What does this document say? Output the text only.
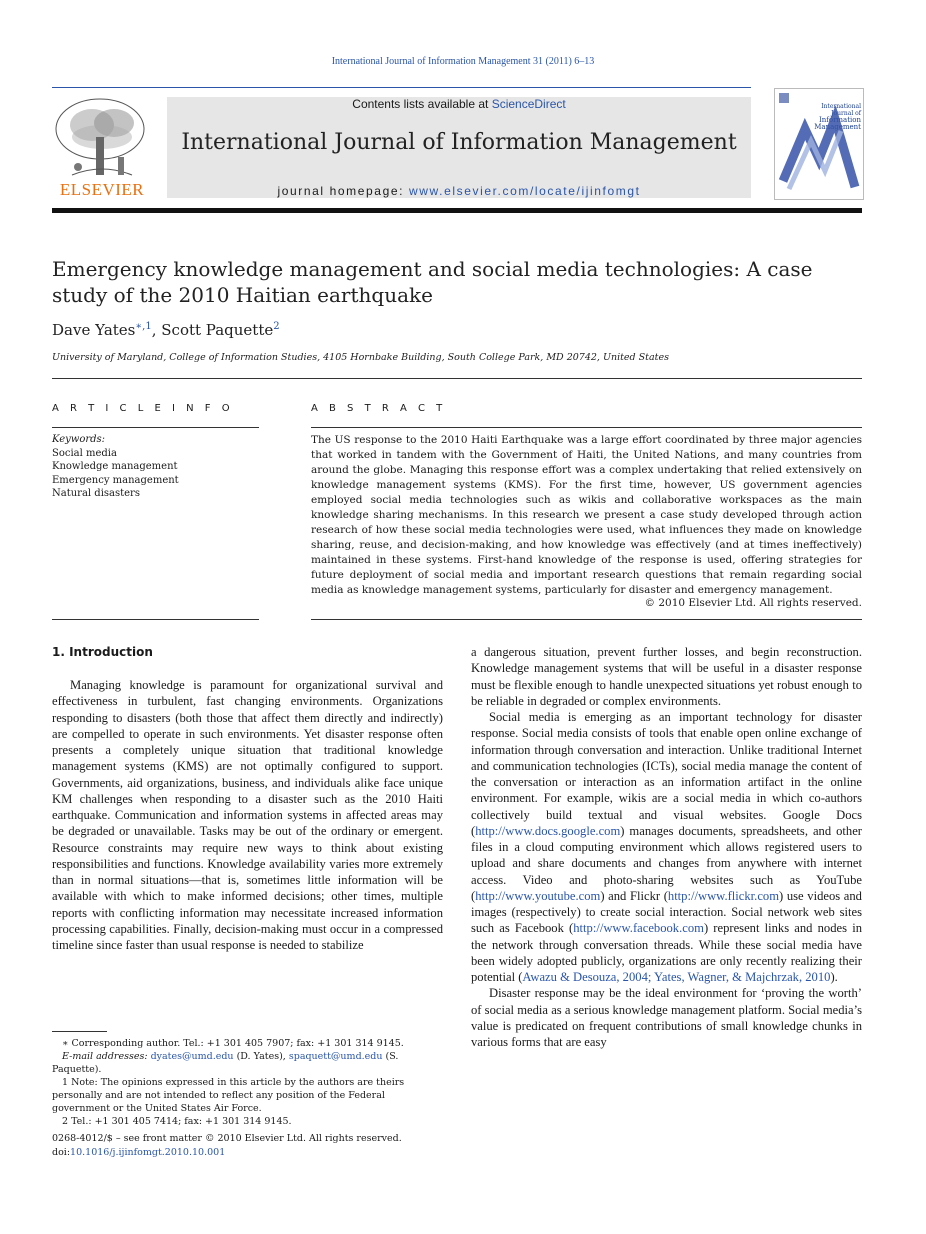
International Journal of Information Management 31 (2011) 6–13
ELSEVIER
Contents lists available at ScienceDirect
International Journal of Information Management
journal homepage: www.elsevier.com/locate/ijinfomgt
International Journal of
Information
Management
Emergency knowledge management and social media technologies: A case study of the 2010 Haitian earthquake
Dave Yates$^{∗,1}$, Scott Paquette$^2$
University of Maryland, College of Information Studies, 4105 Hornbake Building, South College Park, MD 20742, United States
A R T I C L E I N F O
Keywords:
Social media
Knowledge management
Emergency management
Natural disasters
A B S T R A C T
The US response to the 2010 Haiti Earthquake was a large effort coordinated by three major agencies that worked in tandem with the Government of Haiti, the United Nations, and many countries from around the globe. Managing this response effort was a complex undertaking that relied extensively on knowledge management systems (KMS). For the first time, however, US government agencies employed social media technologies such as wikis and collaborative workspaces as the main knowledge sharing mechanisms. In this research we present a case study developed through action research of how these social media technologies were used, what influences they made on knowledge sharing, reuse, and decision-making, and how knowledge was effectively (and at times ineffectively) maintained in these systems. First-hand knowledge of the response is used, offering strategies for future deployment of social media and important research questions that remain regarding social media as knowledge management systems, particularly for disaster and emergency management.
© 2010 Elsevier Ltd. All rights reserved.
1. Introduction

Managing knowledge is paramount for organizational survival and effectiveness in turbulent, fast changing environments. Organizations responding to disasters (both those that affect them directly and indirectly) are compelled to operate in such environments. Yet disaster response often presents a completely unique situation that traditional knowledge management systems (KMS) are not optimally configured to support. Governments, aid organizations, business, and individuals alike face unique KM challenges when responding to a disaster such as the 2010 Haiti earthquake. Communication and information systems in affected areas may be degraded or unavailable. Tasks may be out of the ordinary or emergent. Resource constraints may require new ways to think about existing responsibilities and functions. Knowledge availability varies more extremely than in normal situations—that is, sometimes little information will be available with which to make informed decisions; other times, multiple reports with conflicting information may necessitate increased information processing capabilities. Finally, decision-making must occur in a compressed timeline since faster than usual response is needed to stabilize

a dangerous situation, prevent further losses, and begin reconstruction. Knowledge management systems that will be useful in a disaster response must be flexible enough to handle unexpected situations yet robust enough to be reliable in degraded or complex environments.

Social media is emerging as an important technology for disaster response. Social media consists of tools that enable open online exchange of information through conversation and interaction. Unlike traditional Internet and communication technologies (ICTs), social media manage the content of the conversation or interaction as an information artifact in the online environment. For example, wikis are a social media in which co-authors collectively build textual and visual websites. Google Docs (http://www.docs.google.com) manages documents, spreadsheets, and other files in a cloud computing environment which allows registered users to upload and share documents and changes from anywhere with internet access. Video and photo-sharing websites such as YouTube (http://www.youtube.com) and Flickr (http://www.flickr.com) use videos and images (respectively) to create social interaction. Social network web sites such as Facebook (http://www.facebook.com) represent links and nodes in the network through conversation threads. While these social media have been widely adopted publicly, organizations are only recently realizing their potential (Awazu & Desouza, 2004; Yates, Wagner, & Majchrzak, 2010).

Disaster response may be the ideal environment for ‘proving the worth’ of social media as a serious knowledge management platform. Social media’s value is predicated on frequent contributions of small knowledge chunks in various forms that are easy

∗ Corresponding author. Tel.: +1 301 405 7907; fax: +1 301 314 9145.
E-mail addresses: dyates@umd.edu (D. Yates), spaquett@umd.edu (S. Paquette).
1 Note: The opinions expressed in this article by the authors are theirs personally and are not intended to reflect any position of the Federal government or the United States Air Force.
2 Tel.: +1 301 405 7414; fax: +1 301 314 9145.
0268-4012/$ – see front matter © 2010 Elsevier Ltd. All rights reserved.
doi:10.1016/j.ijinfomgt.2010.10.001
